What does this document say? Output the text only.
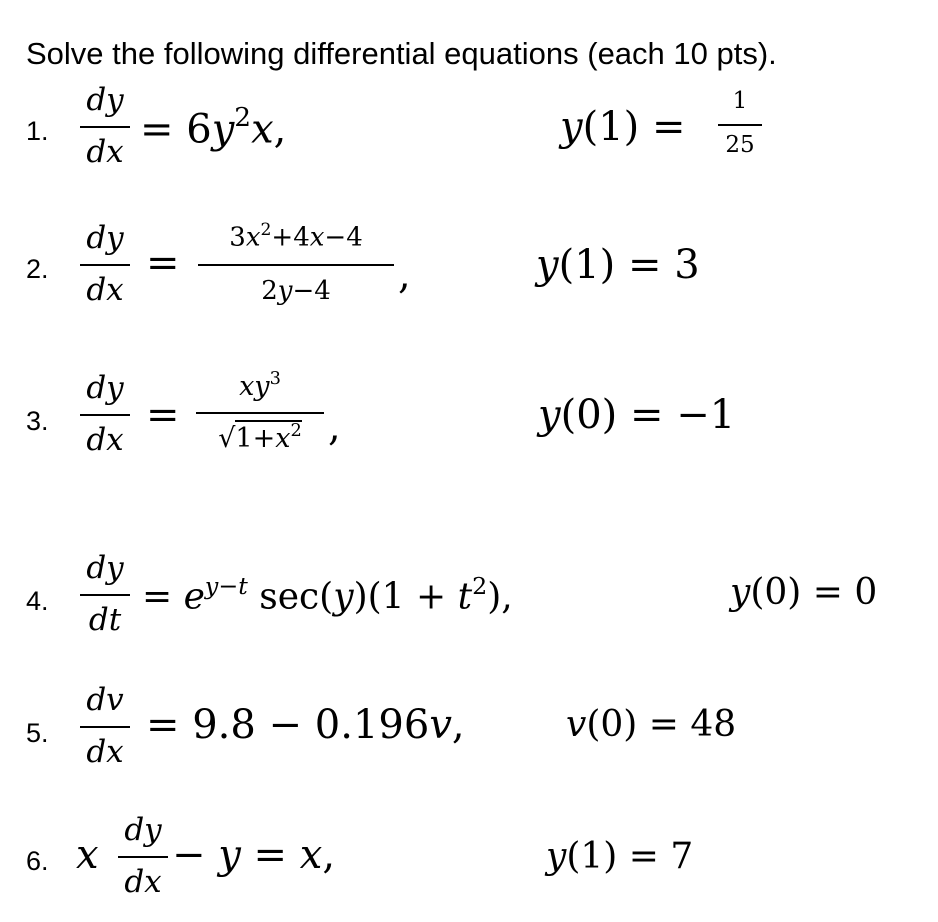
Solve the following differential equations (each 10 pts).
1.
dy
dx = $6y^2x$,	y(1) =
1
25
2.
dy
dx
=
$3x^2+4x-4$
2y−4	,	y(1) = 3
3.
dy
dx
=
$xy^3$
$√1+x^2$ ,	y(0) = −1
4.
dy
dt
= $e^{y-t}$ $\sec(y)(1 + t^2)$,	y(0) = 0
5.
dv
dx
= 9.8 − 0.196v,	v(0) = 48
6. x
dy
dx
− y = x,	y(1) = 7
